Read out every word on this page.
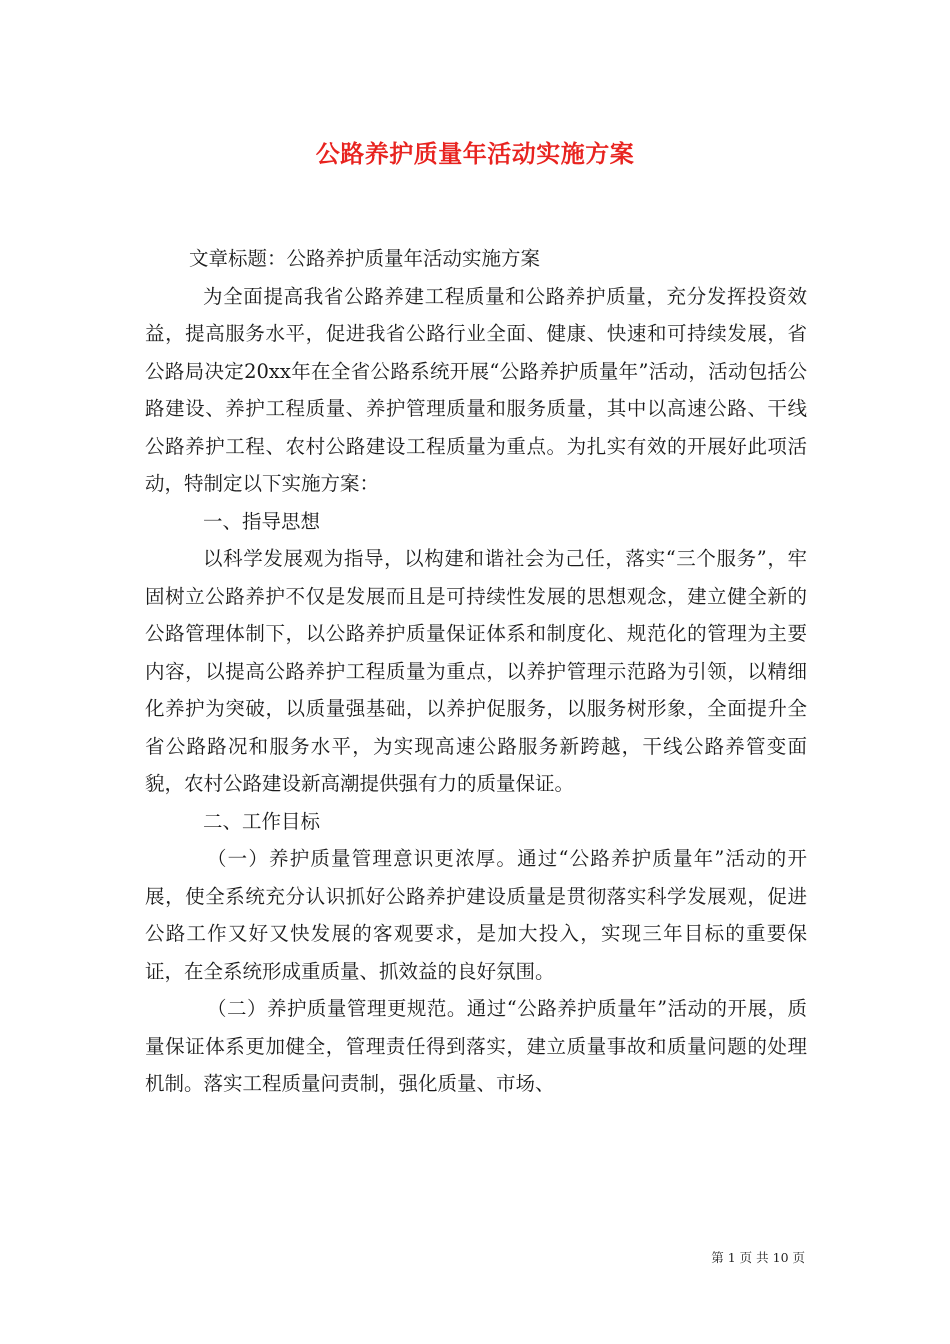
公路养护质量年活动实施方案

文章标题：公路养护质量年活动实施方案

为全面提高我省公路养建工程质量和公路养护质量，充分发挥投资效益，提高服务水平，促进我省公路行业全面、健康、快速和可持续发展，省公路局决定20xx年在全省公路系统开展“公路养护质量年”活动，活动包括公路建设、养护工程质量、养护管理质量和服务质量，其中以高速公路、干线公路养护工程、农村公路建设工程质量为重点。为扎实有效的开展好此项活动，特制定以下实施方案：

一、指导思想

以科学发展观为指导，以构建和谐社会为己任，落实“三个服务”，牢固树立公路养护不仅是发展而且是可持续性发展的思想观念，建立健全新的公路管理体制下，以公路养护质量保证体系和制度化、规范化的管理为主要内容，以提高公路养护工程质量为重点，以养护管理示范路为引领，以精细化养护为突破，以质量强基础，以养护促服务，以服务树形象，全面提升全省公路路况和服务水平，为实现高速公路服务新跨越，干线公路养管变面貌，农村公路建设新高潮提供强有力的质量保证。

二、工作目标

（一）养护质量管理意识更浓厚。通过“公路养护质量年”活动的开展，使全系统充分认识抓好公路养护建设质量是贯彻落实科学发展观，促进公路工作又好又快发展的客观要求，是加大投入，实现三年目标的重要保证，在全系统形成重质量、抓效益的良好氛围。

（二）养护质量管理更规范。通过“公路养护质量年”活动的开展，质量保证体系更加健全，管理责任得到落实，建立质量事故和质量问题的处理机制。落实工程质量问责制，强化质量、市场、

第 1 页 共 10 页
